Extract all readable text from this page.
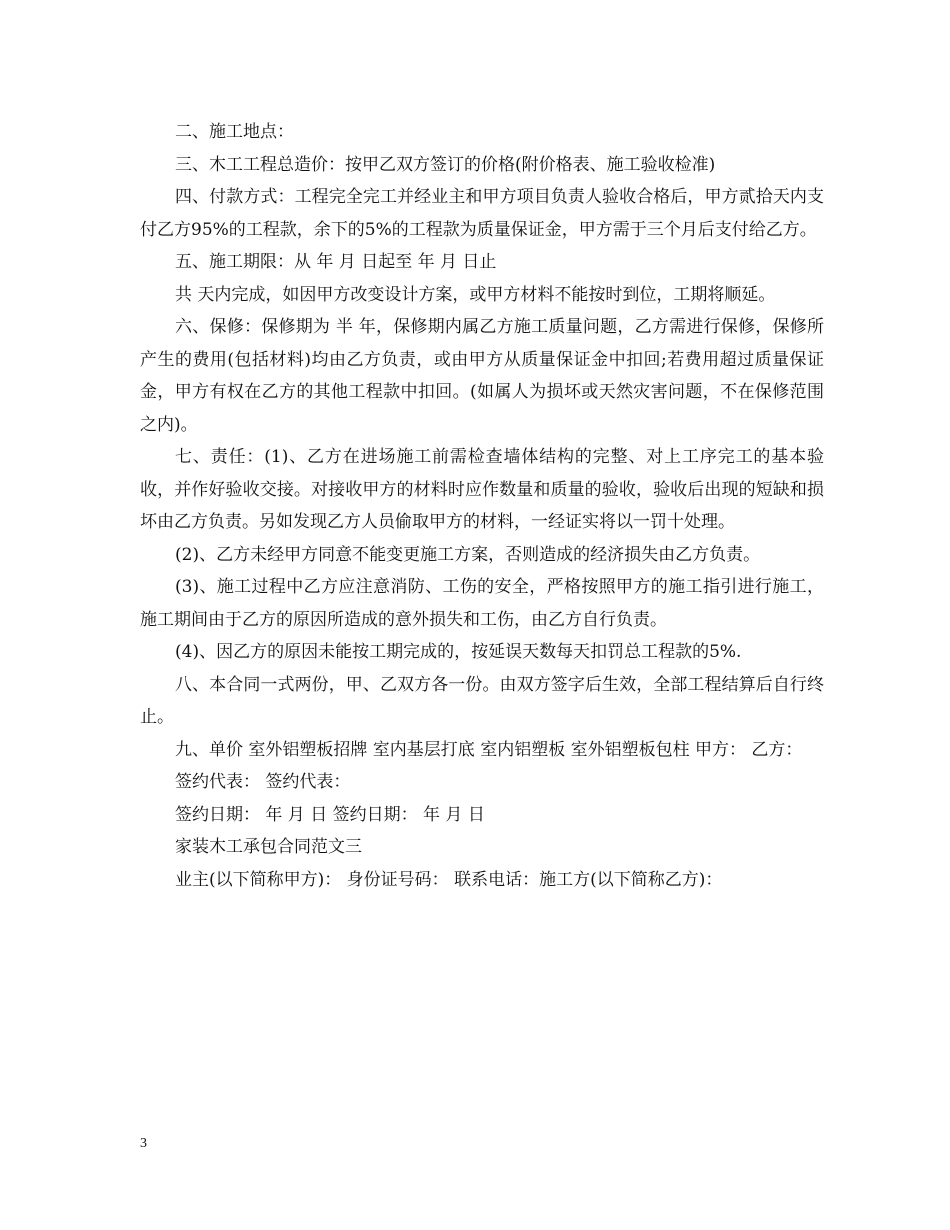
二、施工地点：

三、木工工程总造价：按甲乙双方签订的价格(附价格表、施工验收检准)

四、付款方式：工程完全完工并经业主和甲方项目负责人验收合格后，甲方贰拾天内支付乙方95%的工程款，余下的5%的工程款为质量保证金，甲方需于三个月后支付给乙方。

五、施工期限：从 年 月 日起至 年 月 日止

共 天内完成，如因甲方改变设计方案，或甲方材料不能按时到位，工期将顺延。

六、保修：保修期为 半 年，保修期内属乙方施工质量问题，乙方需进行保修，保修所产生的费用(包括材料)均由乙方负责，或由甲方从质量保证金中扣回;若费用超过质量保证金，甲方有权在乙方的其他工程款中扣回。(如属人为损坏或天然灾害问题，不在保修范围之内)。

七、责任：(1)、乙方在进场施工前需检查墙体结构的完整、对上工序完工的基本验收，并作好验收交接。对接收甲方的材料时应作数量和质量的验收，验收后出现的短缺和损坏由乙方负责。另如发现乙方人员偷取甲方的材料，一经证实将以一罚十处理。

(2)、乙方未经甲方同意不能变更施工方案，否则造成的经济损失由乙方负责。

(3)、施工过程中乙方应注意消防、工伤的安全，严格按照甲方的施工指引进行施工，施工期间由于乙方的原因所造成的意外损失和工伤，由乙方自行负责。

(4)、因乙方的原因未能按工期完成的，按延误天数每天扣罚总工程款的5%.

八、本合同一式两份，甲、乙双方各一份。由双方签字后生效，全部工程结算后自行终止。

九、单价 室外铝塑板招牌 室内基层打底 室内铝塑板 室外铝塑板包柱 甲方： 乙方：

签约代表： 签约代表：

签约日期： 年 月 日 签约日期： 年 月 日

家装木工承包合同范文三

业主(以下简称甲方)： 身份证号码： 联系电话：施工方(以下简称乙方)：

3
